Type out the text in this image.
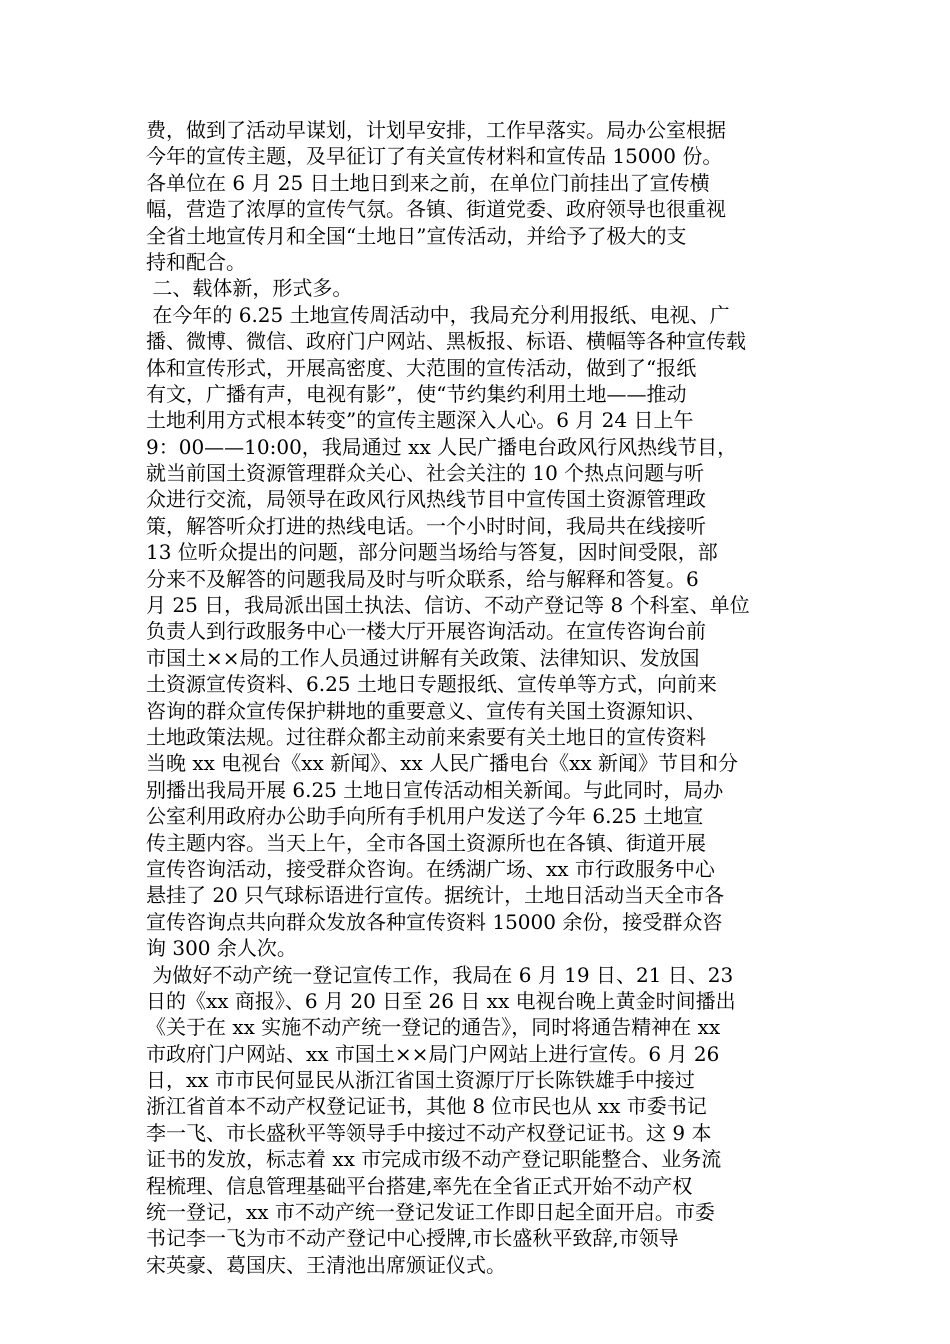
费，做到了活动早谋划，计划早安排，工作早落实。局办公室根据
今年的宣传主题，及早征订了有关宣传材料和宣传品 15000 份。
各单位在 6 月 25 日土地日到来之前，在单位门前挂出了宣传横
幅，营造了浓厚的宣传气氛。各镇、街道党委、政府领导也很重视
全省土地宣传月和全国“土地日”宣传活动，并给予了极大的支
持和配合。
二、载体新，形式多。
在今年的 6.25 土地宣传周活动中，我局充分利用报纸、电视、广
播、微博、微信、政府门户网站、黑板报、标语、横幅等各种宣传载
体和宣传形式，开展高密度、大范围的宣传活动，做到了“报纸
有文，广播有声，电视有影”，使“节约集约利用土地——推动
土地利用方式根本转变”的宣传主题深入人心。6 月 24 日上午
9：00——10:00，我局通过 xx 人民广播电台政风行风热线节目，
就当前国土资源管理群众关心、社会关注的 10 个热点问题与听
众进行交流，局领导在政风行风热线节目中宣传国土资源管理政
策，解答听众打进的热线电话。一个小时时间，我局共在线接听
13 位听众提出的问题，部分问题当场给与答复，因时间受限，部
分来不及解答的问题我局及时与听众联系，给与解释和答复。6
月 25 日，我局派出国土执法、信访、不动产登记等 8 个科室、单位
负责人到行政服务中心一楼大厅开展咨询活动。在宣传咨询台前
市国土××局的工作人员通过讲解有关政策、法律知识、发放国
土资源宣传资料、6.25 土地日专题报纸、宣传单等方式，向前来
咨询的群众宣传保护耕地的重要意义、宣传有关国土资源知识、
土地政策法规。过往群众都主动前来索要有关土地日的宣传资料
当晚 xx 电视台《xx 新闻》、xx 人民广播电台《xx 新闻》节目和分
别播出我局开展 6.25 土地日宣传活动相关新闻。与此同时，局办
公室利用政府办公助手向所有手机用户发送了今年 6.25 土地宣
传主题内容。当天上午，全市各国土资源所也在各镇、街道开展
宣传咨询活动，接受群众咨询。在绣湖广场、xx 市行政服务中心
悬挂了 20 只气球标语进行宣传。据统计，土地日活动当天全市各
宣传咨询点共向群众发放各种宣传资料 15000 余份，接受群众咨
询 300 余人次。
为做好不动产统一登记宣传工作，我局在 6 月 19 日、21 日、23
日的《xx 商报》、6 月 20 日至 26 日 xx 电视台晚上黄金时间播出
《关于在 xx 实施不动产统一登记的通告》，同时将通告精神在 xx
市政府门户网站、xx 市国土××局门户网站上进行宣传。6 月 26
日，xx 市市民何显民从浙江省国土资源厅厅长陈铁雄手中接过
浙江省首本不动产权登记证书，其他 8 位市民也从 xx 市委书记
李一飞、市长盛秋平等领导手中接过不动产权登记证书。这 9 本
证书的发放，标志着 xx 市完成市级不动产登记职能整合、业务流
程梳理、信息管理基础平台搭建,率先在全省正式开始不动产权
统一登记，xx 市不动产统一登记发证工作即日起全面开启。市委
书记李一飞为市不动产登记中心授牌,市长盛秋平致辞,市领导
宋英豪、葛国庆、王清池出席颁证仪式。
